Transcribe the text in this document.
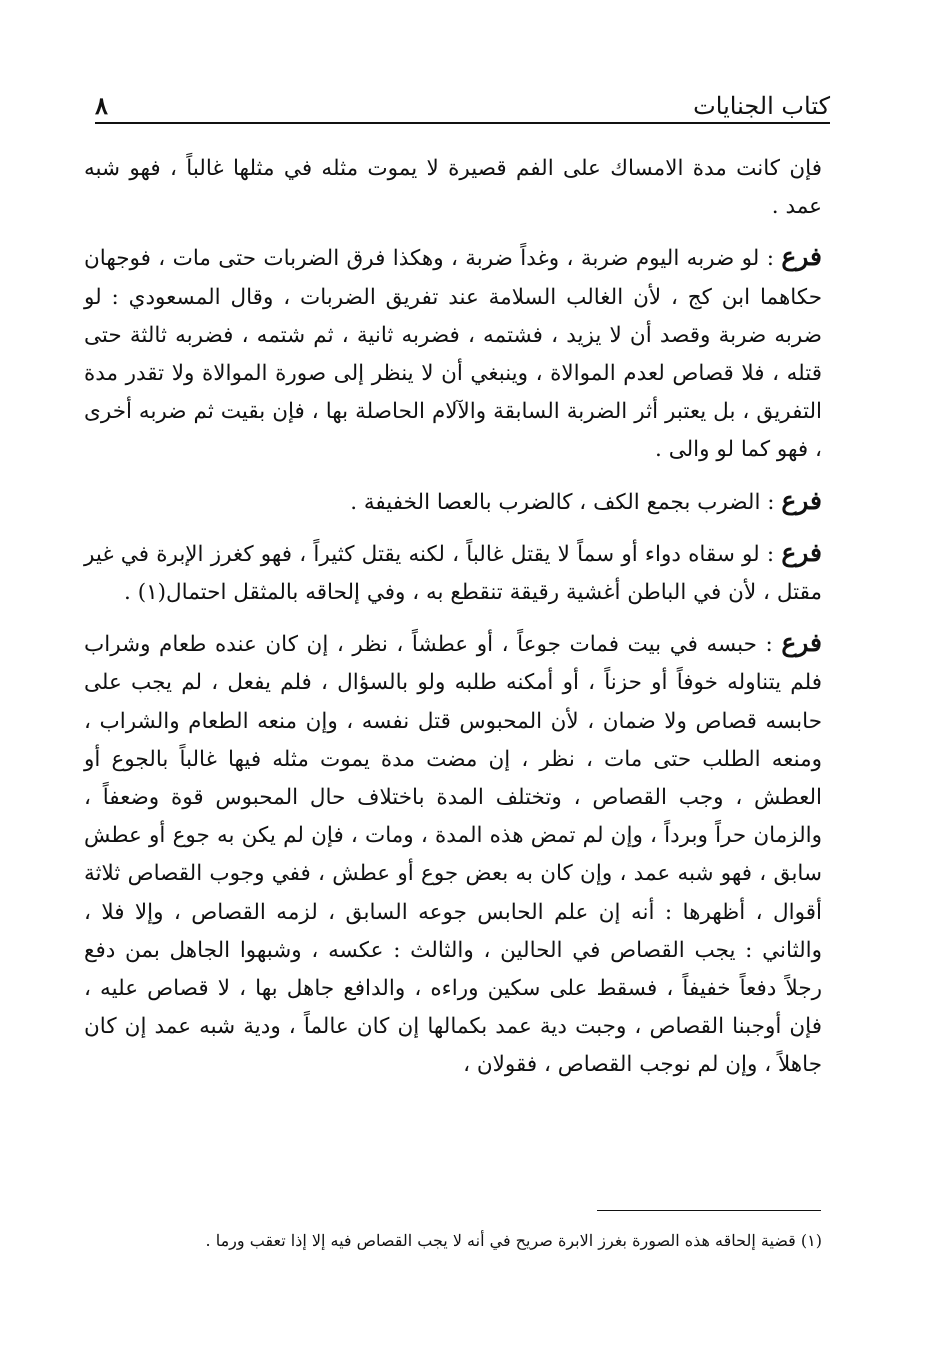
كتاب الجنايات
٨

فإن كانت مدة الامساك على الفم قصيرة لا يموت مثله في مثلها غالباً ، فهو شبه عمد .

فرع : لو ضربه اليوم ضربة ، وغداً ضربة ، وهكذا فرق الضربات حتى مات ، فوجهان حكاهما ابن كج ، لأن الغالب السلامة عند تفريق الضربات ، وقال المسعودي : لو ضربه ضربة وقصد أن لا يزيد ، فشتمه ، فضربه ثانية ، ثم شتمه ، فضربه ثالثة حتى قتله ، فلا قصاص لعدم الموالاة ، وينبغي أن لا ينظر إلى صورة الموالاة ولا تقدر مدة التفريق ، بل يعتبر أثر الضربة السابقة والآلام الحاصلة بها ، فإن بقيت ثم ضربه أخرى ، فهو كما لو والى .

فرع : الضرب بجمع الكف ، كالضرب بالعصا الخفيفة .

فرع : لو سقاه دواء أو سماً لا يقتل غالباً ، لكنه يقتل كثيراً ، فهو كغرز الإبرة في غير مقتل ، لأن في الباطن أغشية رقيقة تنقطع به ، وفي إلحاقه بالمثقل احتمال(١) .

فرع : حبسه في بيت فمات جوعاً ، أو عطشاً ، نظر ، إن كان عنده طعام وشراب فلم يتناوله خوفاً أو حزناً ، أو أمكنه طلبه ولو بالسؤال ، فلم يفعل ، لم يجب على حابسه قصاص ولا ضمان ، لأن المحبوس قتل نفسه ، وإن منعه الطعام والشراب ، ومنعه الطلب حتى مات ، نظر ، إن مضت مدة يموت مثله فيها غالباً بالجوع أو العطش ، وجب القصاص ، وتختلف المدة باختلاف حال المحبوس قوة وضعفاً ، والزمان حراً وبرداً ، وإن لم تمض هذه المدة ، ومات ، فإن لم يكن به جوع أو عطش سابق ، فهو شبه عمد ، وإن كان به بعض جوع أو عطش ، ففي وجوب القصاص ثلاثة أقوال ، أظهرها : أنه إن علم الحابس جوعه السابق ، لزمه القصاص ، وإلا فلا ، والثاني : يجب القصاص في الحالين ، والثالث : عكسه ، وشبهوا الجاهل بمن دفع رجلاً دفعاً خفيفاً ، فسقط على سكين وراءه ، والدافع جاهل بها ، لا قصاص عليه ، فإن أوجبنا القصاص ، وجبت دية عمد بكمالها إن كان عالماً ، ودية شبه عمد إن كان جاهلاً ، وإن لم نوجب القصاص ، فقولان ،

(١) قضية إلحاقه هذه الصورة بغرز الابرة صريح في أنه لا يجب القصاص فيه إلا إذا تعقب ورما .
